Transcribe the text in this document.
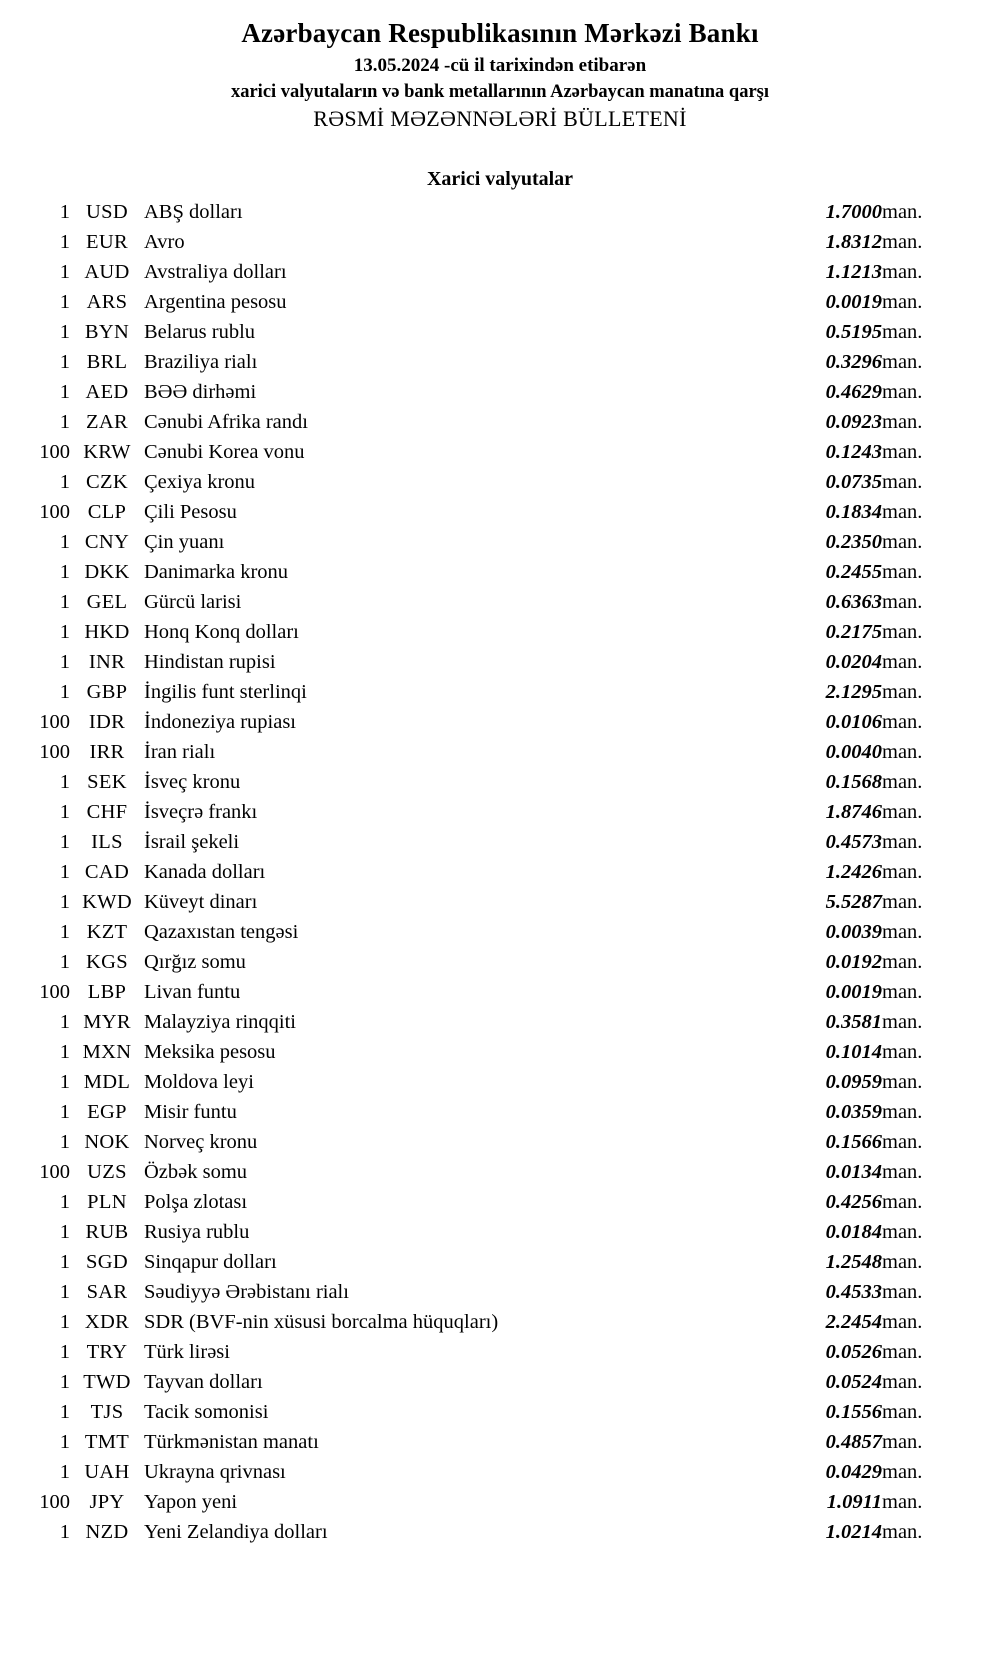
Azərbaycan Respublikasının Mərkəzi Bankı
13.05.2024 -cü il tarixindən etibarən
xarici valyutaların və bank metallarının Azərbaycan manatına qarşı
RƏSMİ MƏZƏNNƏLƏRİ BÜLLETENİ
Xarici valyutalar
1	USD	ABŞ dolları	1.7000	man.
1	EUR	Avro	1.8312	man.
1	AUD	Avstraliya dolları	1.1213	man.
1	ARS	Argentina pesosu	0.0019	man.
1	BYN	Belarus rublu	0.5195	man.
1	BRL	Braziliya rialı	0.3296	man.
1	AED	BƏƏ dirhəmi	0.4629	man.
1	ZAR	Cənubi Afrika randı	0.0923	man.
100	KRW	Cənubi Korea vonu	0.1243	man.
1	CZK	Çexiya kronu	0.0735	man.
100	CLP	Çili Pesosu	0.1834	man.
1	CNY	Çin yuanı	0.2350	man.
1	DKK	Danimarka kronu	0.2455	man.
1	GEL	Gürcü larisi	0.6363	man.
1	HKD	Honq Konq dolları	0.2175	man.
1	INR	Hindistan rupisi	0.0204	man.
1	GBP	İngilis funt sterlinqi	2.1295	man.
100	IDR	İndoneziya rupiası	0.0106	man.
100	IRR	İran rialı	0.0040	man.
1	SEK	İsveç kronu	0.1568	man.
1	CHF	İsveçrə frankı	1.8746	man.
1	ILS	İsrail şekeli	0.4573	man.
1	CAD	Kanada dolları	1.2426	man.
1	KWD	Küveyt dinarı	5.5287	man.
1	KZT	Qazaxıstan tengəsi	0.0039	man.
1	KGS	Qırğız somu	0.0192	man.
100	LBP	Livan funtu	0.0019	man.
1	MYR	Malayziya rinqqiti	0.3581	man.
1	MXN	Meksika pesosu	0.1014	man.
1	MDL	Moldova leyi	0.0959	man.
1	EGP	Misir funtu	0.0359	man.
1	NOK	Norveç kronu	0.1566	man.
100	UZS	Özbək somu	0.0134	man.
1	PLN	Polşa zlotası	0.4256	man.
1	RUB	Rusiya rublu	0.0184	man.
1	SGD	Sinqapur dolları	1.2548	man.
1	SAR	Səudiyyə Ərəbistanı rialı	0.4533	man.
1	XDR	SDR (BVF-nin xüsusi borcalma hüquqları)	2.2454	man.
1	TRY	Türk lirəsi	0.0526	man.
1	TWD	Tayvan dolları	0.0524	man.
1	TJS	Tacik somonisi	0.1556	man.
1	TMT	Türkmənistan manatı	0.4857	man.
1	UAH	Ukrayna qrivnası	0.0429	man.
100	JPY	Yapon yeni	1.0911	man.
1	NZD	Yeni Zelandiya dolları	1.0214	man.
